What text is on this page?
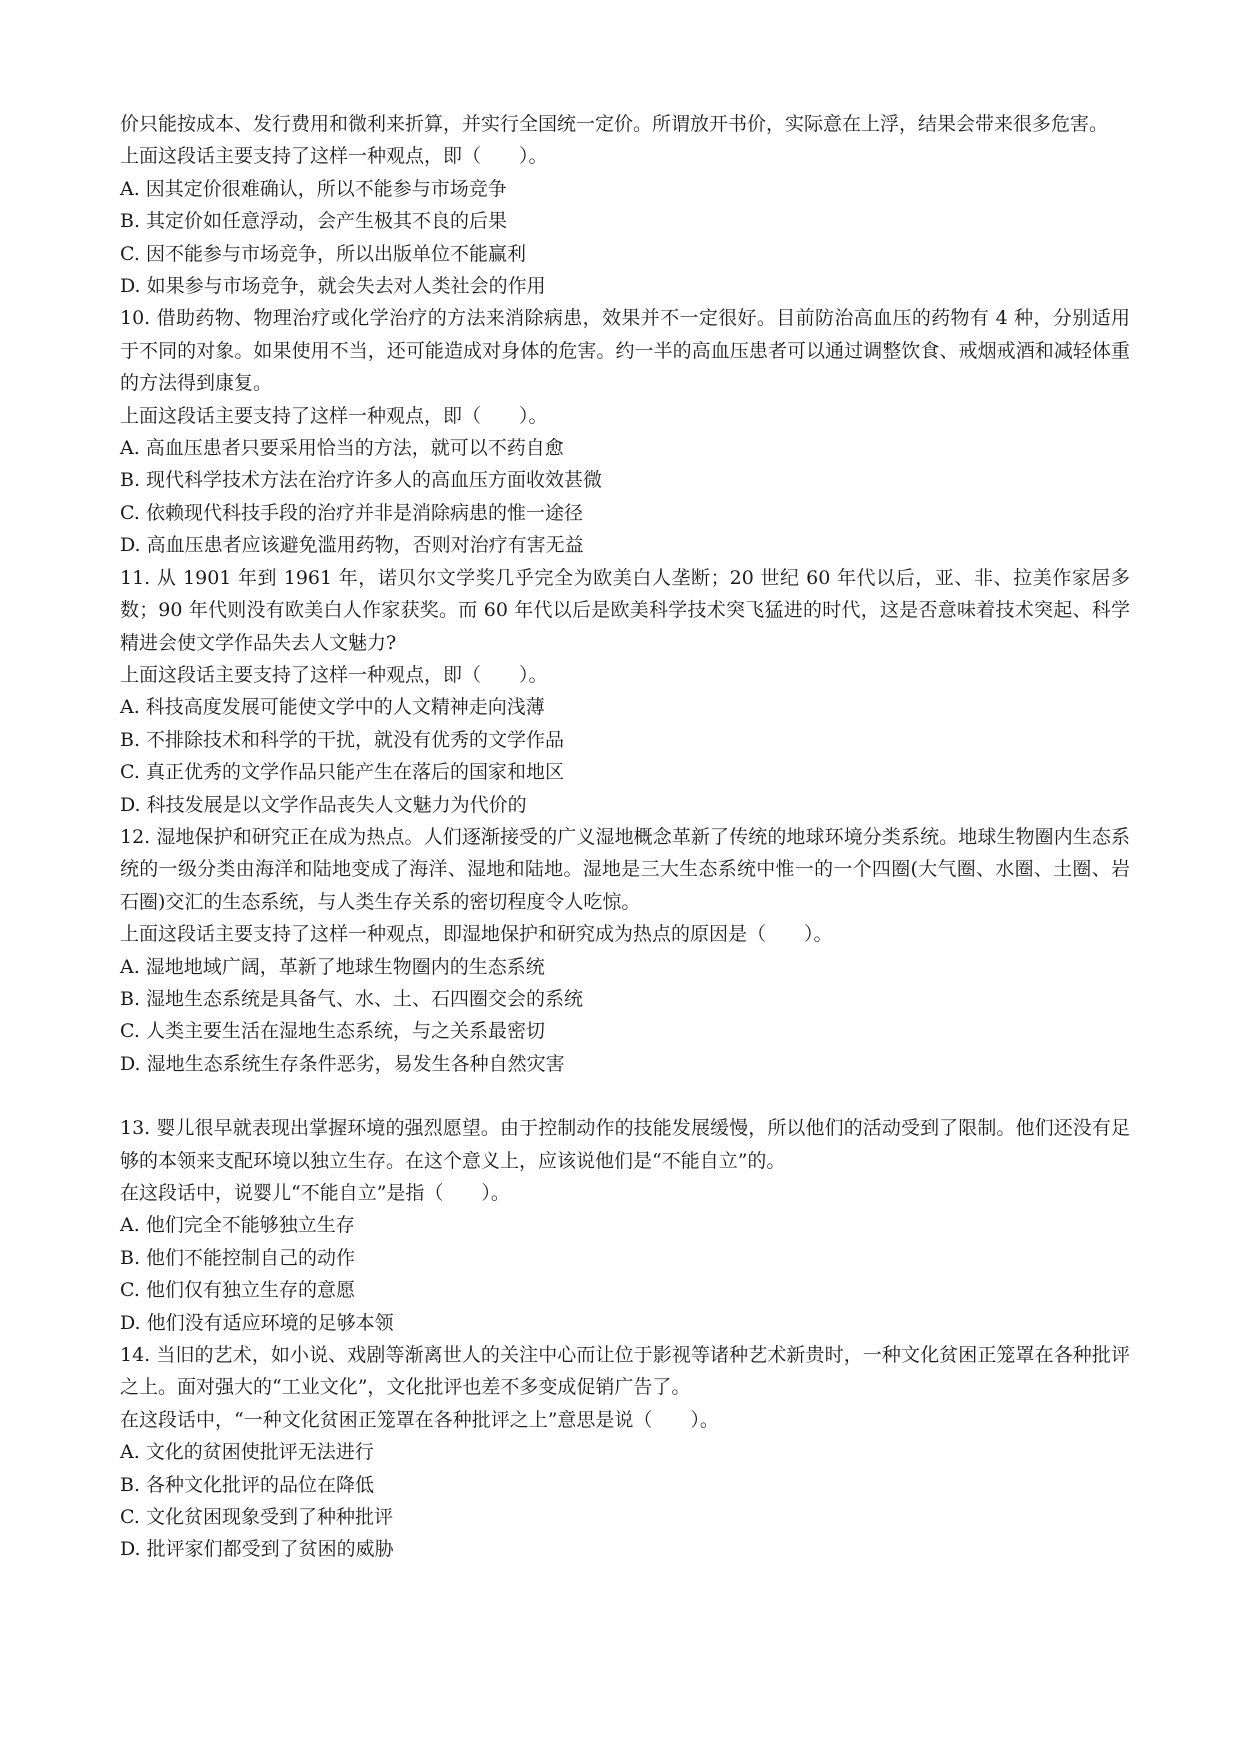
价只能按成本、发行费用和微利来折算，并实行全国统一定价。所谓放开书价，实际意在上浮，结果会带来很多危害。
上面这段话主要支持了这样一种观点，即（　　）。
A. 因其定价很难确认，所以不能参与市场竞争
B. 其定价如任意浮动，会产生极其不良的后果
C. 因不能参与市场竞争，所以出版单位不能赢利
D. 如果参与市场竞争，就会失去对人类社会的作用
10. 借助药物、物理治疗或化学治疗的方法来消除病患，效果并不一定很好。目前防治高血压的药物有 4 种，分别适用于不同的对象。如果使用不当，还可能造成对身体的危害。约一半的高血压患者可以通过调整饮食、戒烟戒酒和减轻体重的方法得到康复。
上面这段话主要支持了这样一种观点，即（　　）。
A. 高血压患者只要采用恰当的方法，就可以不药自愈
B. 现代科学技术方法在治疗许多人的高血压方面收效甚微
C. 依赖现代科技手段的治疗并非是消除病患的惟一途径
D. 高血压患者应该避免滥用药物，否则对治疗有害无益
11. 从 1901 年到 1961 年，诺贝尔文学奖几乎完全为欧美白人垄断；20 世纪 60 年代以后，亚、非、拉美作家居多数；90 年代则没有欧美白人作家获奖。而 60 年代以后是欧美科学技术突飞猛进的时代，这是否意味着技术突起、科学精进会使文学作品失去人文魅力?
上面这段话主要支持了这样一种观点，即（　　）。
A. 科技高度发展可能使文学中的人文精神走向浅薄
B. 不排除技术和科学的干扰，就没有优秀的文学作品
C. 真正优秀的文学作品只能产生在落后的国家和地区
D. 科技发展是以文学作品丧失人文魅力为代价的
12. 湿地保护和研究正在成为热点。人们逐渐接受的广义湿地概念革新了传统的地球环境分类系统。地球生物圈内生态系统的一级分类由海洋和陆地变成了海洋、湿地和陆地。湿地是三大生态系统中惟一的一个四圈(大气圈、水圈、土圈、岩石圈)交汇的生态系统，与人类生存关系的密切程度令人吃惊。
上面这段话主要支持了这样一种观点，即湿地保护和研究成为热点的原因是（　　）。
A. 湿地地域广阔，革新了地球生物圈内的生态系统
B. 湿地生态系统是具备气、水、土、石四圈交会的系统
C. 人类主要生活在湿地生态系统，与之关系最密切
D. 湿地生态系统生存条件恶劣，易发生各种自然灾害
13. 婴儿很早就表现出掌握环境的强烈愿望。由于控制动作的技能发展缓慢，所以他们的活动受到了限制。他们还没有足够的本领来支配环境以独立生存。在这个意义上，应该说他们是“不能自立”的。
在这段话中，说婴儿“不能自立”是指（　　）。
A. 他们完全不能够独立生存
B. 他们不能控制自己的动作
C. 他们仅有独立生存的意愿
D. 他们没有适应环境的足够本领
14. 当旧的艺术，如小说、戏剧等渐离世人的关注中心而让位于影视等诸种艺术新贵时，一种文化贫困正笼罩在各种批评之上。面对强大的“工业文化”，文化批评也差不多变成促销广告了。
在这段话中，“一种文化贫困正笼罩在各种批评之上”意思是说（　　）。
A. 文化的贫困使批评无法进行
B. 各种文化批评的品位在降低
C. 文化贫困现象受到了种种批评
D. 批评家们都受到了贫困的威胁
